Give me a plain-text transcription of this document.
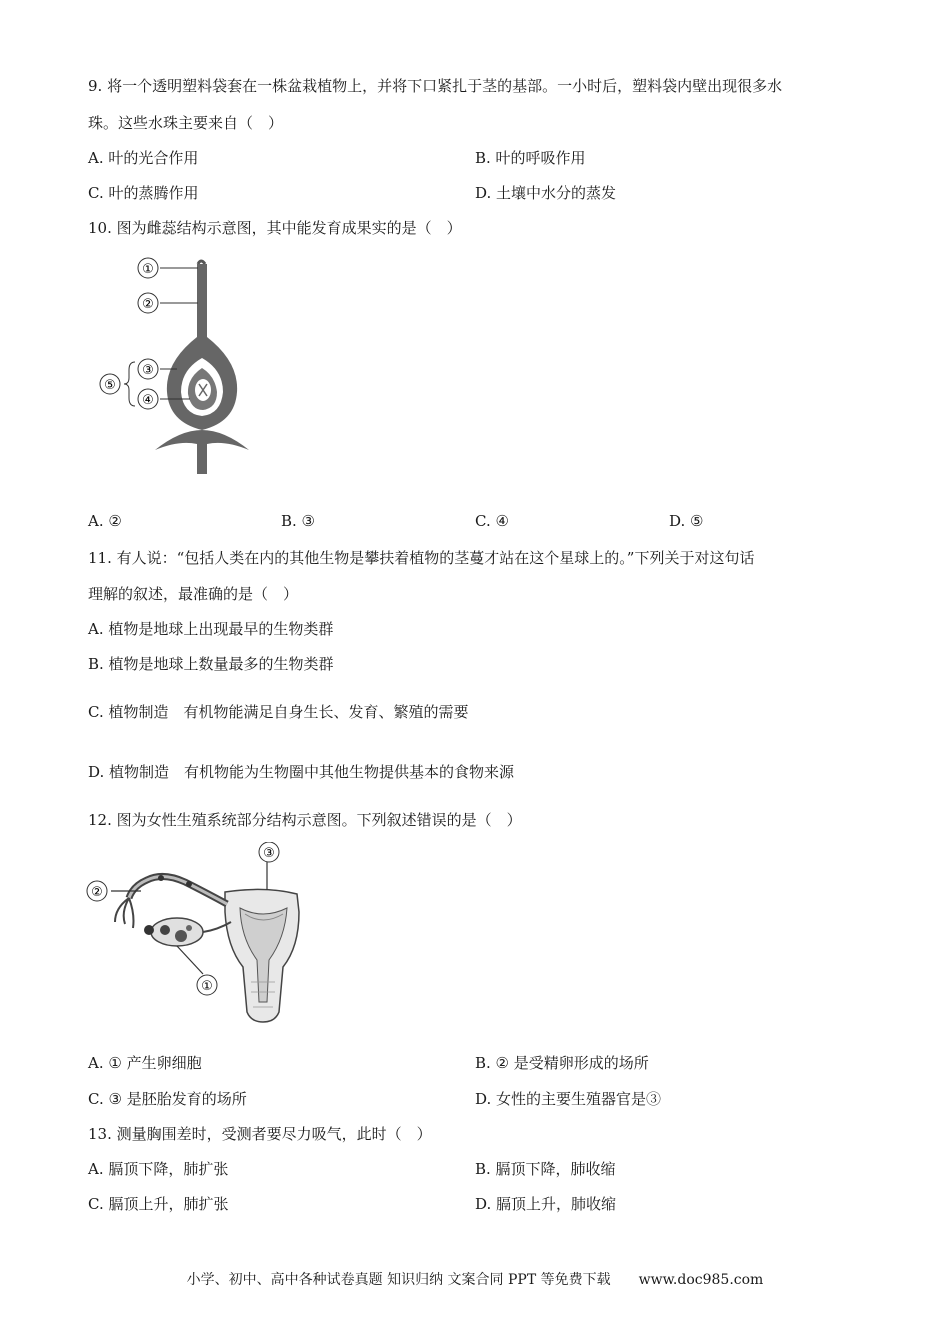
9. 将一个透明塑料袋套在一株盆栽植物上，并将下口紧扎于茎的基部。一小时后，塑料袋内壁出现很多水
珠。这些水珠主要来自（　）
A. 叶的光合作用	B. 叶的呼吸作用
C. 叶的蒸腾作用	D. 土壤中水分的蒸发
10. 图为雌蕊结构示意图，其中能发育成果实的是（　）
①
②
③
④
⑤
A. ②	B. ③	C. ④	D. ⑤
11. 有人说：“包括人类在内的其他生物是攀扶着植物的茎蔓才站在这个星球上的。”下列关于对这句话
理解的叙述，最准确的是（　）
A. 植物是地球上出现最早的生物类群
B. 植物是地球上数量最多的生物类群
C. 植物制造　有机物能满足自身生长、发育、繁殖的需要
D. 植物制造　有机物能为生物圈中其他生物提供基本的食物来源
12. 图为女性生殖系统部分结构示意图。下列叙述错误的是（　）
②
③
①
A. ① 产生卵细胞	B. ② 是受精卵形成的场所
C. ③ 是胚胎发育的场所	D. 女性的主要生殖器官是③
13. 测量胸围差时，受测者要尽力吸气，此时（　）
A. 膈顶下降，肺扩张	B. 膈顶下降，肺收缩
C. 膈顶上升，肺扩张	D. 膈顶上升，肺收缩
小学、初中、高中各种试卷真题 知识归纳 文案合同 PPT 等免费下载　　www.doc985.com
